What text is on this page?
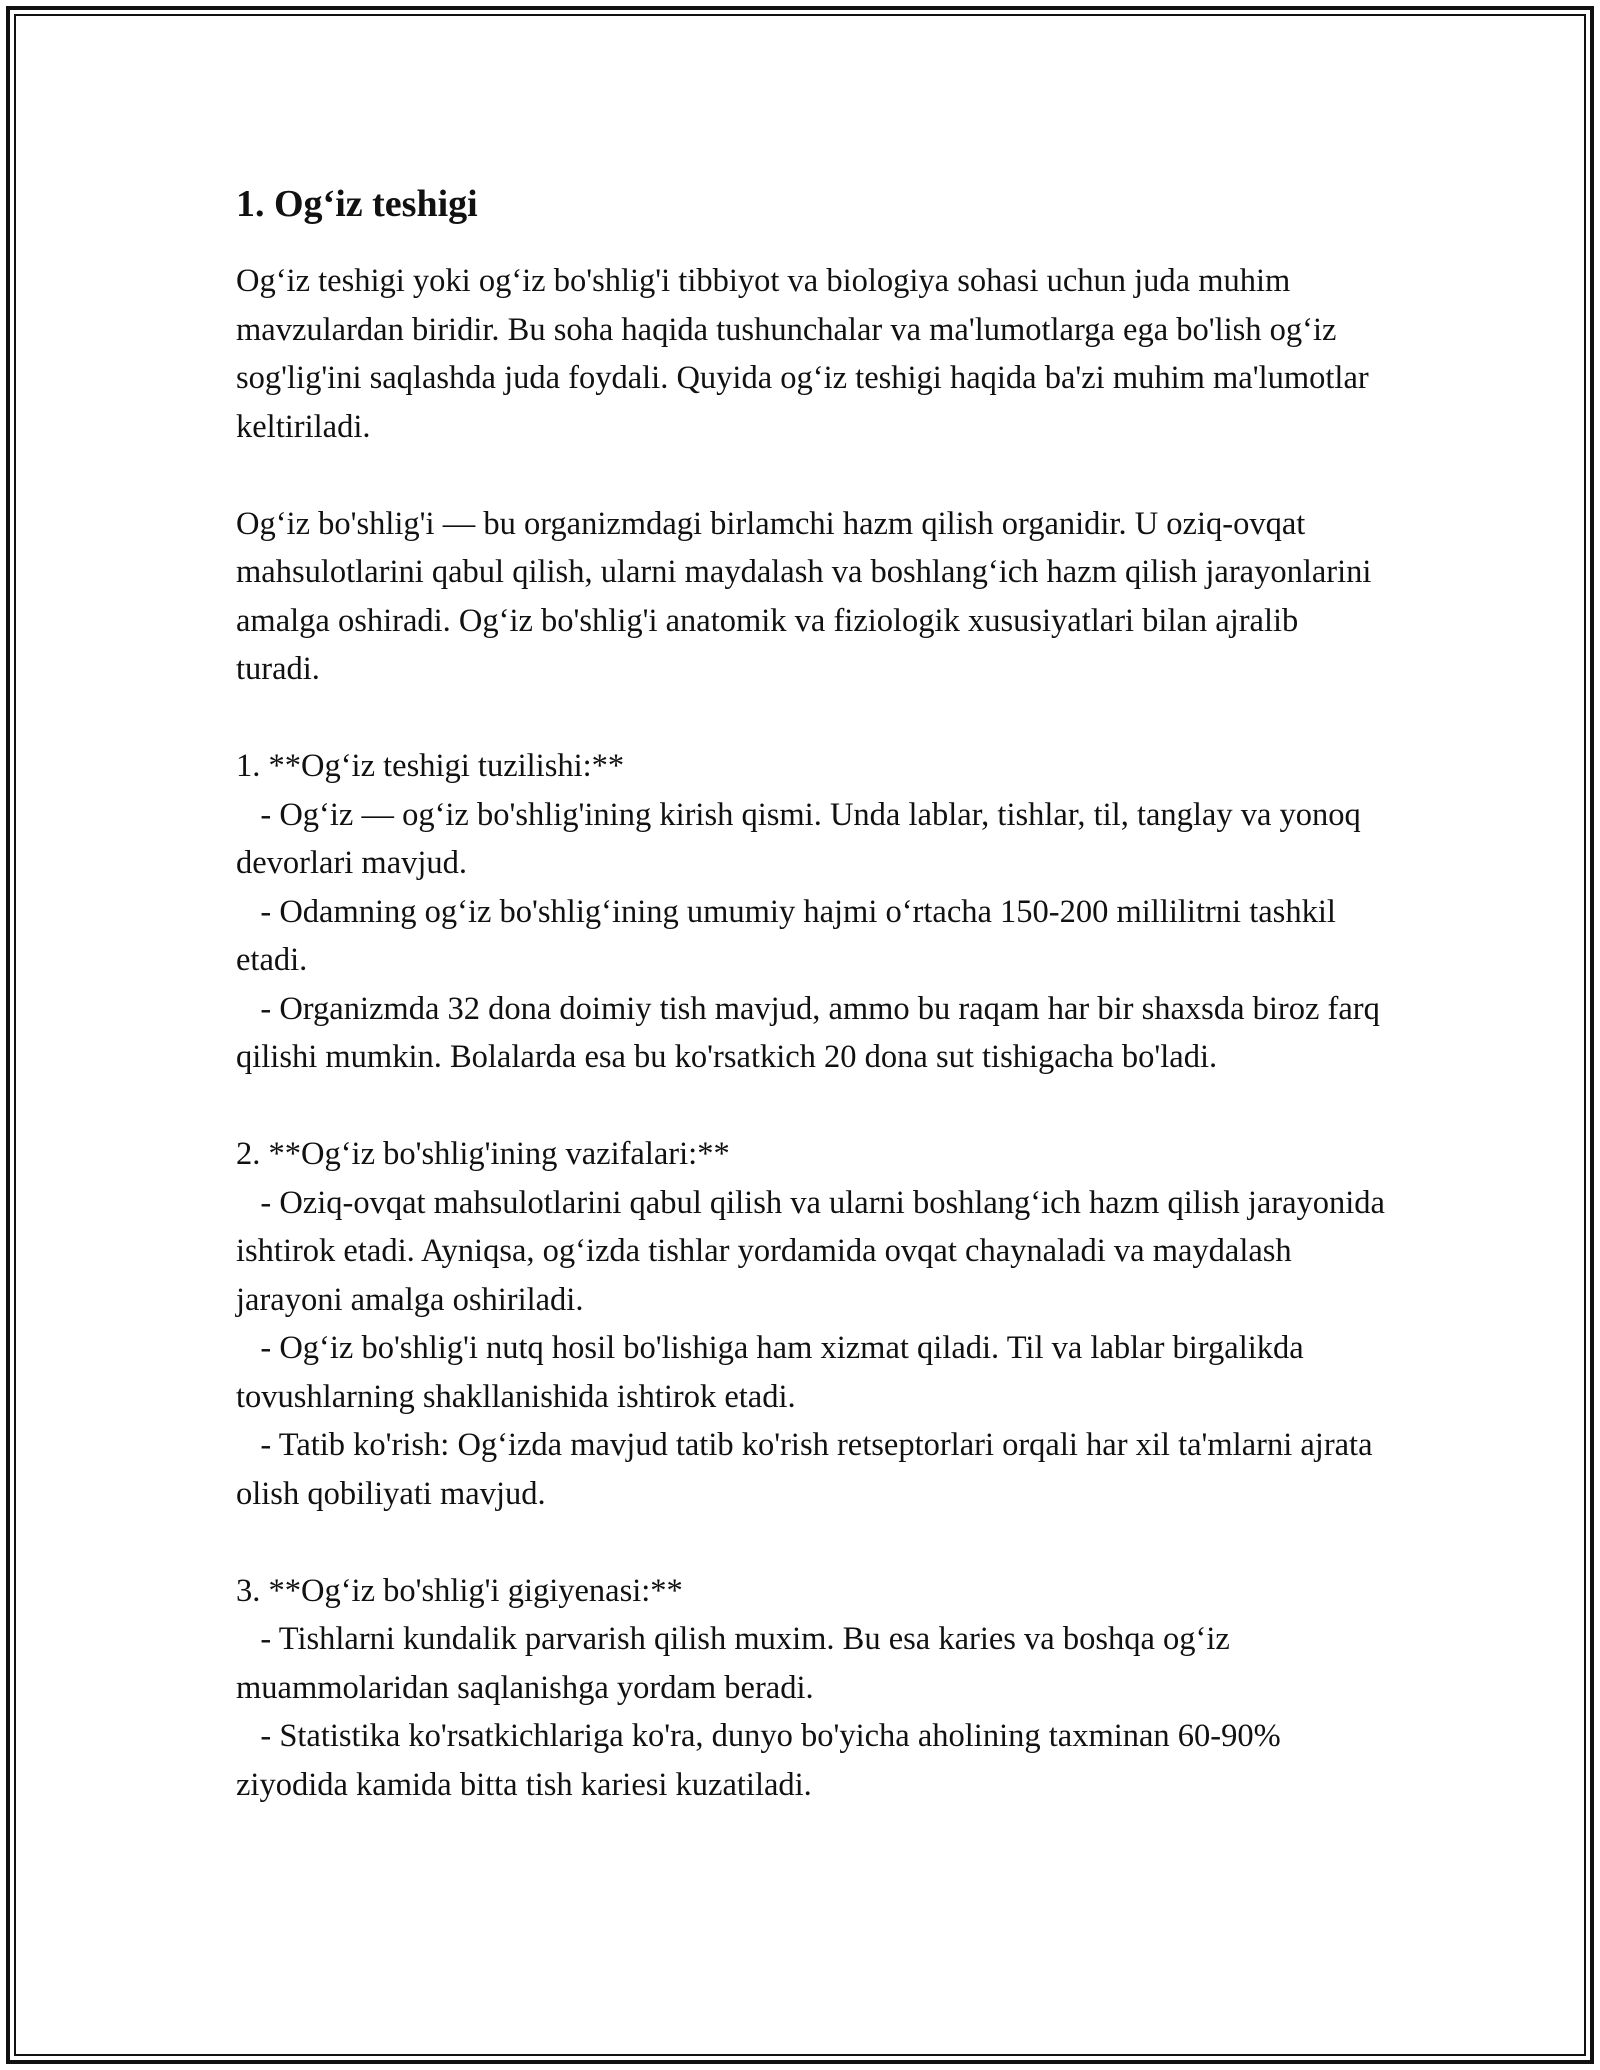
1. Og‘iz teshigi

Og‘iz teshigi yoki og‘iz bo'shlig'i tibbiyot va biologiya sohasi uchun juda muhim mavzulardan biridir. Bu soha haqida tushunchalar va ma'lumotlarga ega bo'lish og‘iz sog'lig'ini saqlashda juda foydali. Quyida og‘iz teshigi haqida ba'zi muhim ma'lumotlar keltiriladi.

Og‘iz bo'shlig'i — bu organizmdagi birlamchi hazm qilish organidir. U oziq-ovqat mahsulotlarini qabul qilish, ularni maydalash va boshlang‘ich hazm qilish jarayonlarini amalga oshiradi. Og‘iz bo'shlig'i anatomik va fiziologik xususiyatlari bilan ajralib turadi.

1. **Og‘iz teshigi tuzilishi:**

- Og‘iz — og‘iz bo'shlig'ining kirish qismi. Unda lablar, tishlar, til, tanglay va yonoq devorlari mavjud.

- Odamning og‘iz bo'shlig‘ining umumiy hajmi o‘rtacha 150-200 millilitrni tashkil etadi.

- Organizmda 32 dona doimiy tish mavjud, ammo bu raqam har bir shaxsda biroz farq qilishi mumkin. Bolalarda esa bu ko'rsatkich 20 dona sut tishigacha bo'ladi.

2. **Og‘iz bo'shlig'ining vazifalari:**

- Oziq-ovqat mahsulotlarini qabul qilish va ularni boshlang‘ich hazm qilish jarayonida ishtirok etadi. Ayniqsa, og‘izda tishlar yordamida ovqat chaynaladi va maydalash jarayoni amalga oshiriladi.

- Og‘iz bo'shlig'i nutq hosil bo'lishiga ham xizmat qiladi. Til va lablar birgalikda tovushlarning shakllanishida ishtirok etadi.

- Tatib ko'rish: Og‘izda mavjud tatib ko'rish retseptorlari orqali har xil ta'mlarni ajrata olish qobiliyati mavjud.

3. **Og‘iz bo'shlig'i gigiyenasi:**

- Tishlarni kundalik parvarish qilish muxim. Bu esa karies va boshqa og‘iz muammolaridan saqlanishga yordam beradi.

- Statistika ko'rsatkichlariga ko'ra, dunyo bo'yicha aholining taxminan 60-90% ziyodida kamida bitta tish kariesi kuzatiladi.
